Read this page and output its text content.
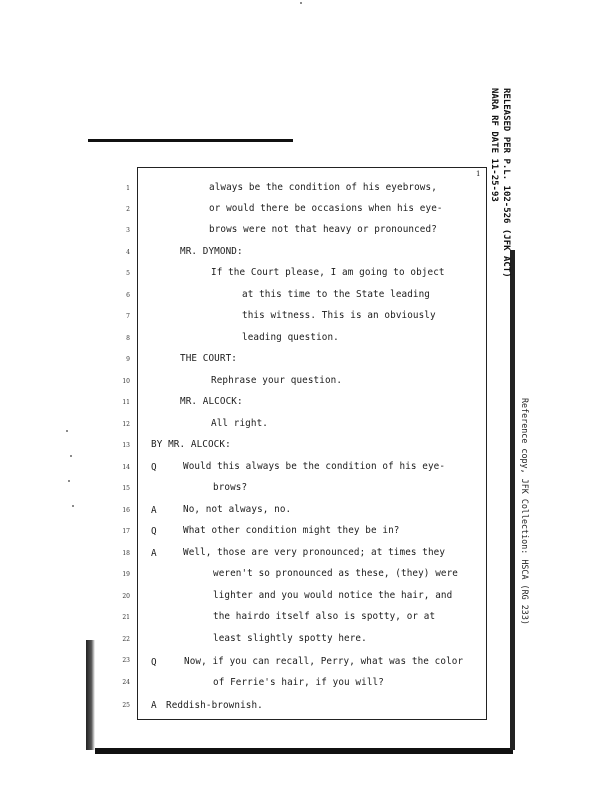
RELEASED PER P.L. 102-526 (JFK ACT)
NARA RF DATE 11-25-93
Reference copy, JFK Collection: HSCA (RG 233)
1
1
2
3
4
5
6
7
8
9
10
11
12
13
14
15
16
17
18
19
20
21
22
23
24
25
Q
A
Q
A
Q
A
always be the condition of his eyebrows,
or would there be occasions when his eye-
brows were not that heavy or pronounced?
MR. DYMOND:
If the Court please, I am going to object
at this time to the State leading
this witness. This is an obviously
leading question.
THE COURT:
Rephrase your question.
MR. ALCOCK:
All right.
BY MR. ALCOCK:
Would this always be the condition of his eye-
brows?
No, not always, no.
What other condition might they be in?
Well, those are very pronounced; at times they
weren't so pronounced as these, (they) were
lighter and you would notice the hair, and
the hairdo itself also is spotty, or at
least slightly spotty here.
Now, if you can recall, Perry, what was the color
of Ferrie's hair, if you will?
Reddish-brownish.
